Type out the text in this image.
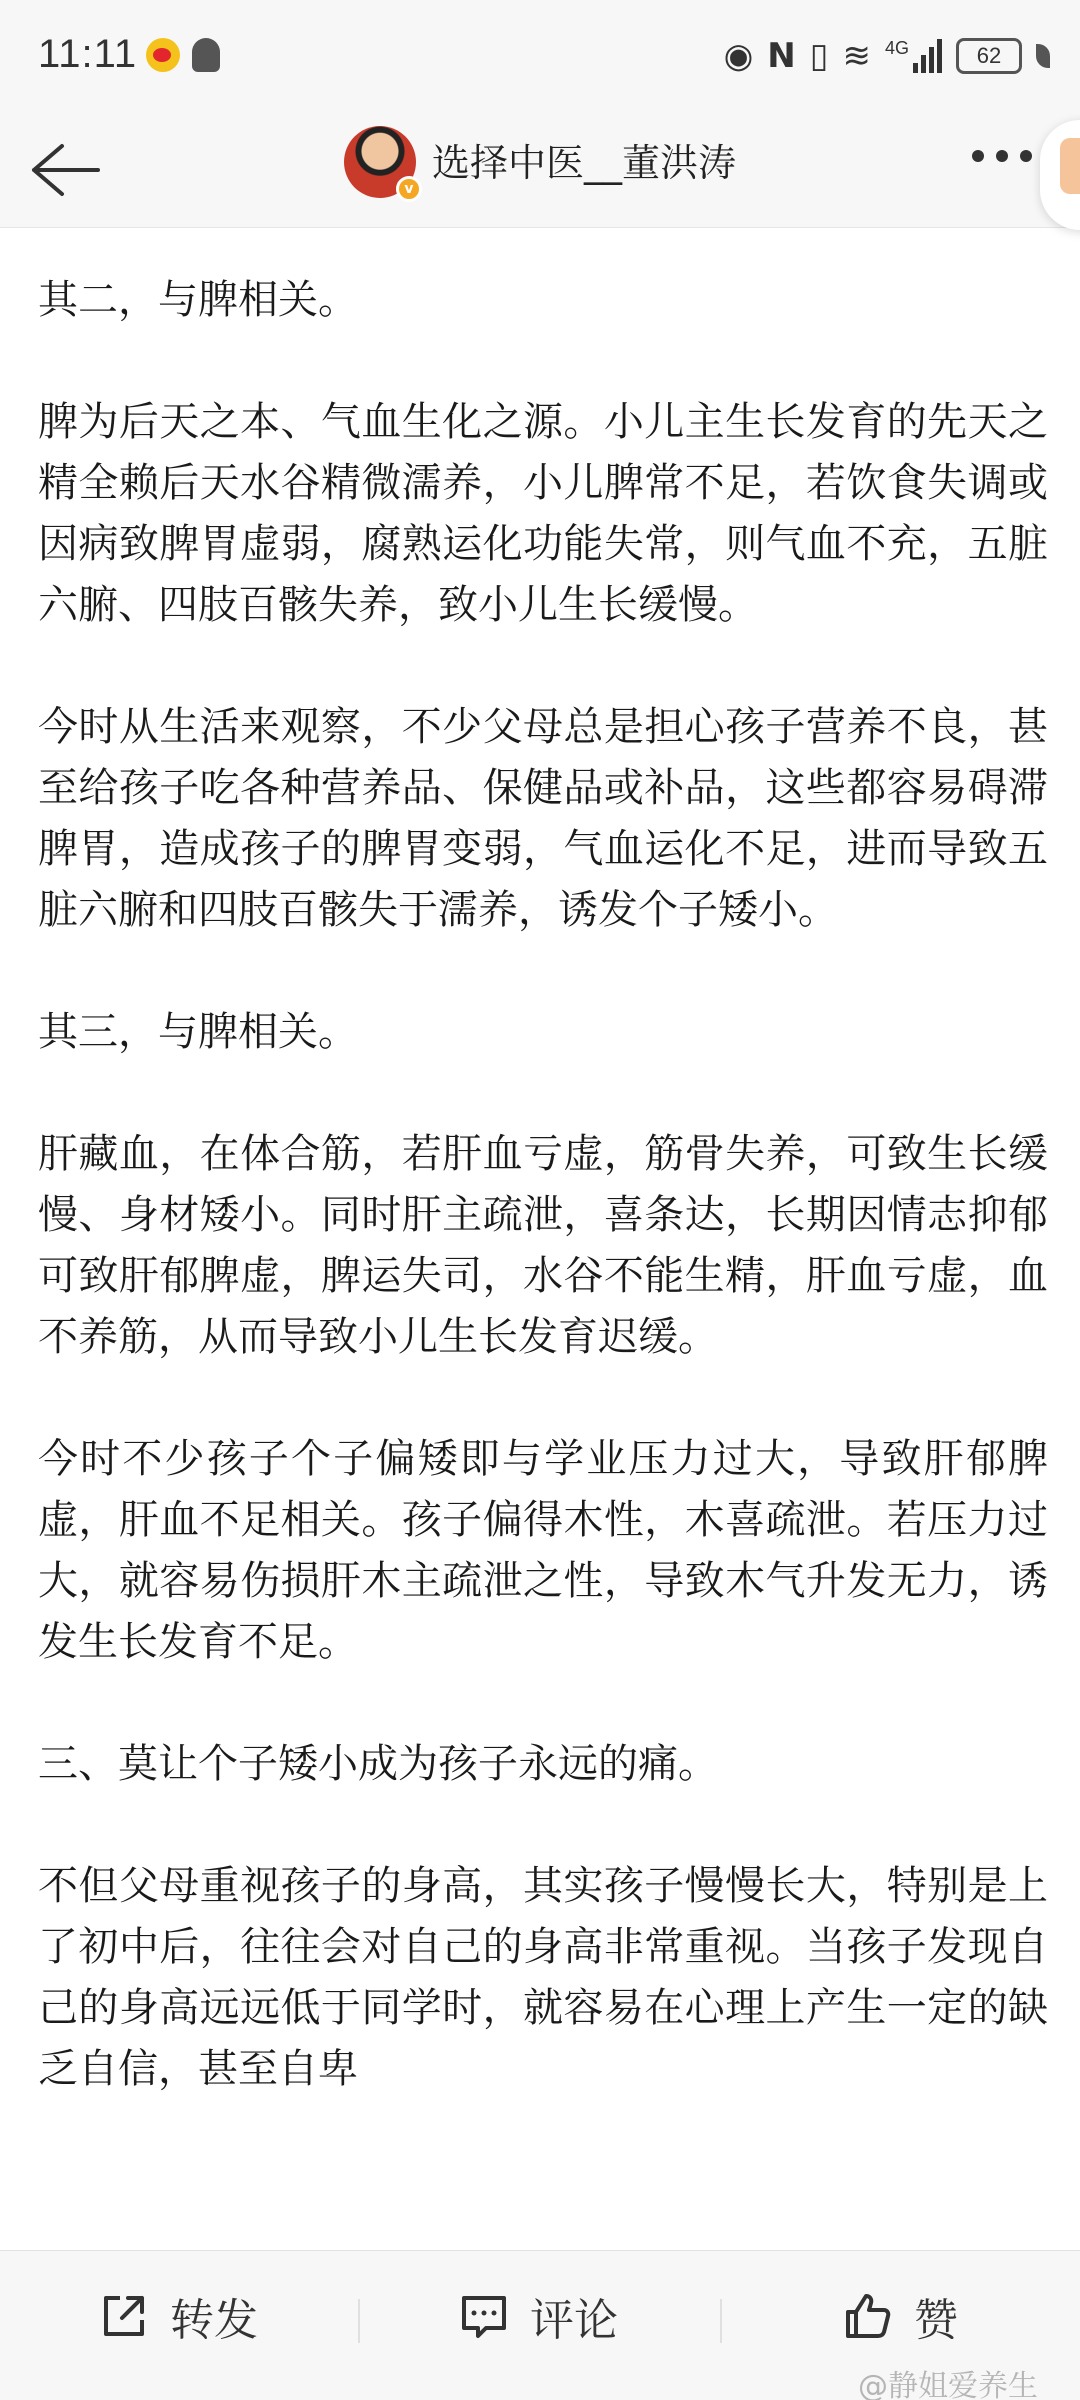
11:11	◉ N ▯ ≋ 4G	62
v
选择中医__董洪涛

其二，与脾相关。

脾为后天之本、气血生化之源。小儿主生长发育的先天之精全赖后天水谷精微濡养，小儿脾常不足，若饮食失调或因病致脾胃虚弱，腐熟运化功能失常，则气血不充，五脏六腑、四肢百骸失养，致小儿生长缓慢。

今时从生活来观察，不少父母总是担心孩子营养不良，甚至给孩子吃各种营养品、保健品或补品，这些都容易碍滞脾胃，造成孩子的脾胃变弱，气血运化不足，进而导致五脏六腑和四肢百骸失于濡养，诱发个子矮小。

其三，与脾相关。

肝藏血，在体合筋，若肝血亏虚，筋骨失养，可致生长缓慢、身材矮小。同时肝主疏泄，喜条达，长期因情志抑郁可致肝郁脾虚，脾运失司，水谷不能生精，肝血亏虚，血不养筋，从而导致小儿生长发育迟缓。

今时不少孩子个子偏矮即与学业压力过大，导致肝郁脾虚，肝血不足相关。孩子偏得木性，木喜疏泄。若压力过大，就容易伤损肝木主疏泄之性，导致木气升发无力，诱发生长发育不足。

三、莫让个子矮小成为孩子永远的痛。

不但父母重视孩子的身高，其实孩子慢慢长大，特别是上了初中后，往往会对自己的身高非常重视。当孩子发现自己的身高远远低于同学时，就容易在心理上产生一定的缺乏自信，甚至自卑

转发	评论	赞
@静姐爱养生
